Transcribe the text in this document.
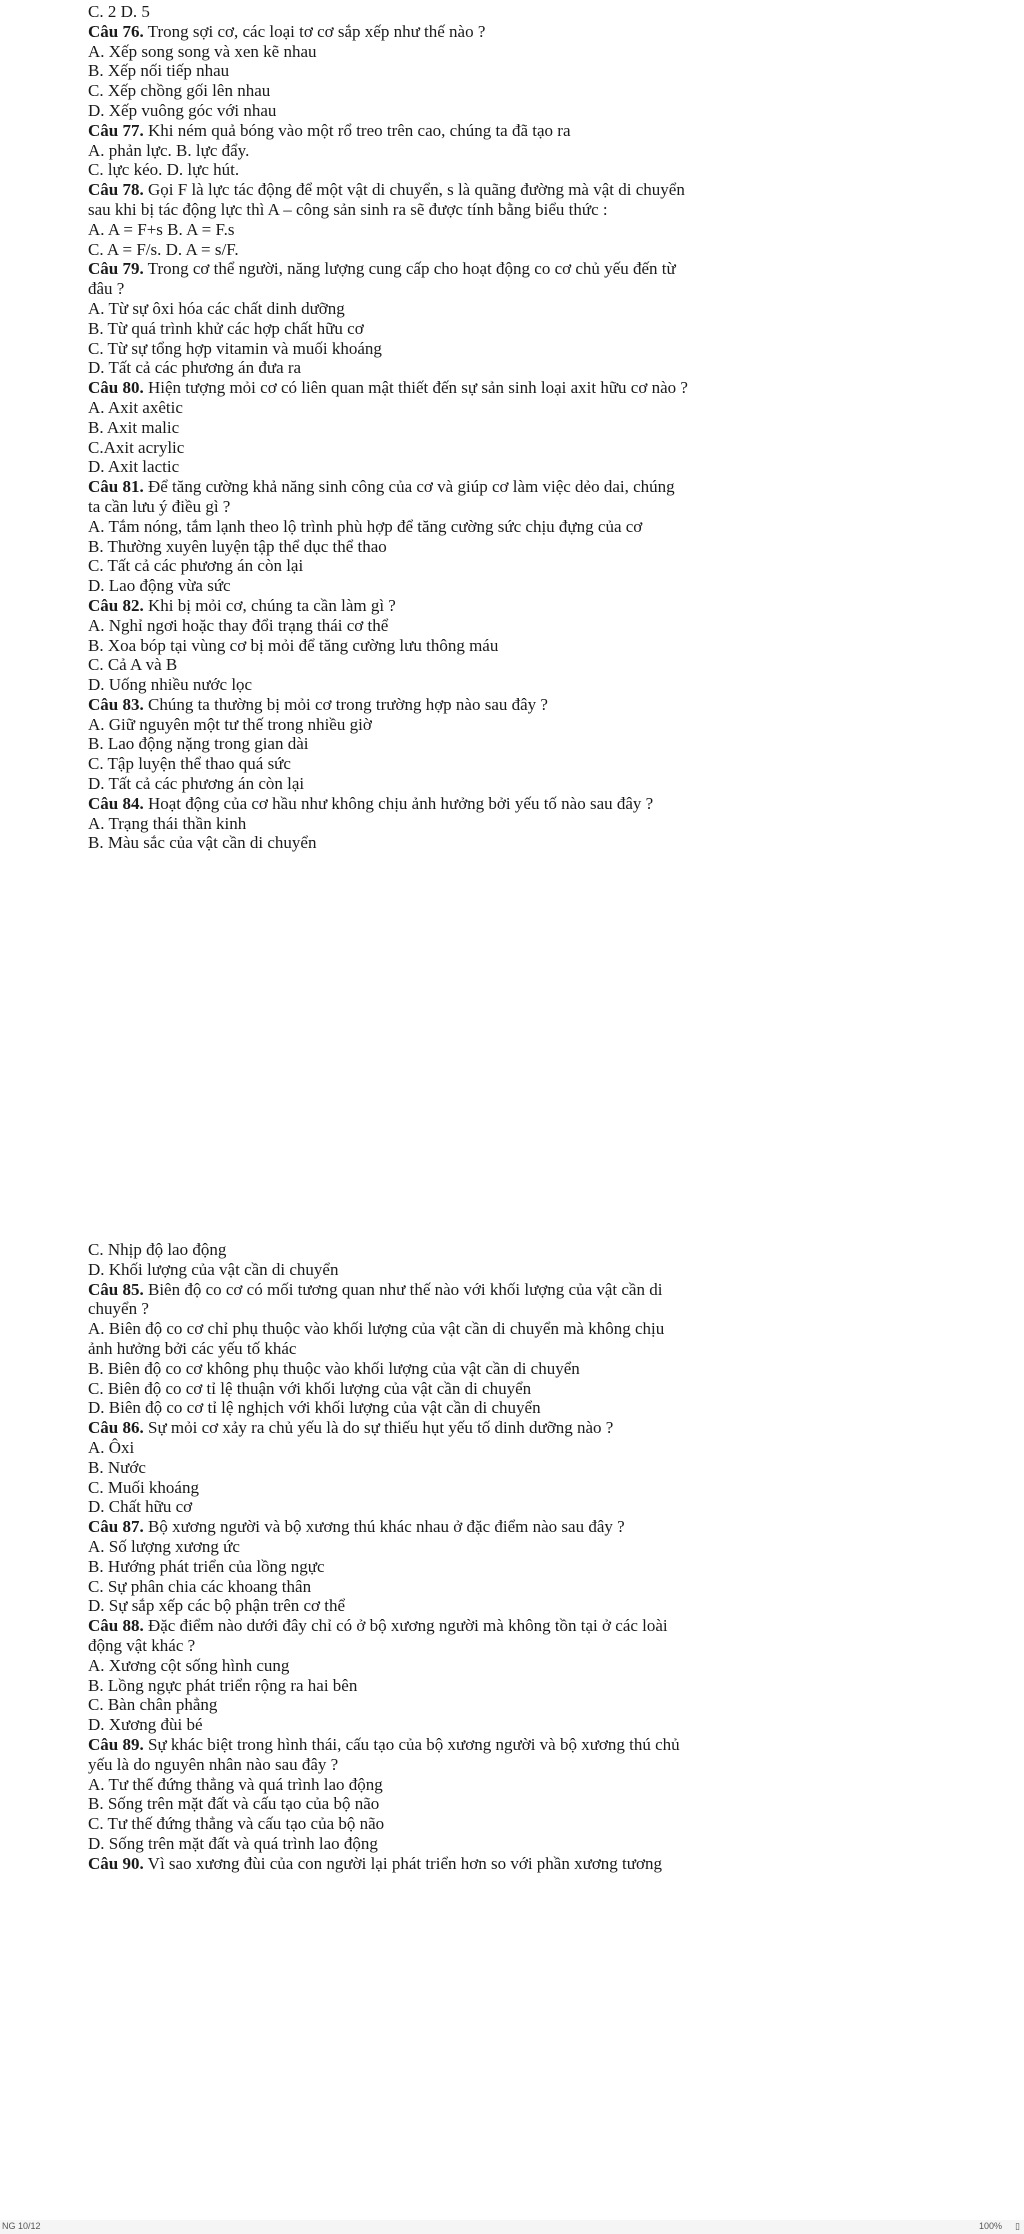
C. 2 D. 5
Câu 76. Trong sợi cơ, các loại tơ cơ sắp xếp như thế nào ?
A. Xếp song song và xen kẽ nhau
B. Xếp nối tiếp nhau
C. Xếp chồng gối lên nhau
D. Xếp vuông góc với nhau
Câu 77. Khi ném quả bóng vào một rổ treo trên cao, chúng ta đã tạo ra
A. phản lực. B. lực đẩy.
C. lực kéo. D. lực hút.
Câu 78. Gọi F là lực tác động để một vật di chuyển, s là quãng đường mà vật di chuyển
sau khi bị tác động lực thì A – công sản sinh ra sẽ được tính bằng biểu thức :
A. A = F+s B. A = F.s
C. A = F/s. D. A = s/F.
Câu 79. Trong cơ thể người, năng lượng cung cấp cho hoạt động co cơ chủ yếu đến từ
đâu ?
A. Từ sự ôxi hóa các chất dinh dưỡng
B. Từ quá trình khử các hợp chất hữu cơ
C. Từ sự tổng hợp vitamin và muối khoáng
D. Tất cả các phương án đưa ra
Câu 80. Hiện tượng mỏi cơ có liên quan mật thiết đến sự sản sinh loại axit hữu cơ nào ?
A. Axit axêtic
B. Axit malic
C.Axit acrylic
D. Axit lactic
Câu 81. Để tăng cường khả năng sinh công của cơ và giúp cơ làm việc dẻo dai, chúng
ta cần lưu ý điều gì ?
A. Tắm nóng, tắm lạnh theo lộ trình phù hợp để tăng cường sức chịu đựng của cơ
B. Thường xuyên luyện tập thể dục thể thao
C. Tất cả các phương án còn lại
D. Lao động vừa sức
Câu 82. Khi bị mỏi cơ, chúng ta cần làm gì ?
A. Nghỉ ngơi hoặc thay đổi trạng thái cơ thể
B. Xoa bóp tại vùng cơ bị mỏi để tăng cường lưu thông máu
C. Cả A và B
D. Uống nhiều nước lọc
Câu 83. Chúng ta thường bị mỏi cơ trong trường hợp nào sau đây ?
A. Giữ nguyên một tư thế trong nhiều giờ
B. Lao động nặng trong gian dài
C. Tập luyện thể thao quá sức
D. Tất cả các phương án còn lại
Câu 84. Hoạt động của cơ hầu như không chịu ảnh hưởng bởi yếu tố nào sau đây ?
A. Trạng thái thần kinh
B. Màu sắc của vật cần di chuyển
C. Nhịp độ lao động
D. Khối lượng của vật cần di chuyển
Câu 85. Biên độ co cơ có mối tương quan như thế nào với khối lượng của vật cần di
chuyển ?
A. Biên độ co cơ chỉ phụ thuộc vào khối lượng của vật cần di chuyển mà không chịu
ảnh hưởng bởi các yếu tố khác
B. Biên độ co cơ không phụ thuộc vào khối lượng của vật cần di chuyển
C. Biên độ co cơ tỉ lệ thuận với khối lượng của vật cần di chuyển
D. Biên độ co cơ tỉ lệ nghịch với khối lượng của vật cần di chuyển
Câu 86. Sự mỏi cơ xảy ra chủ yếu là do sự thiếu hụt yếu tố dinh dưỡng nào ?
A. Ôxi
B. Nước
C. Muối khoáng
D. Chất hữu cơ
Câu 87. Bộ xương người và bộ xương thú khác nhau ở đặc điểm nào sau đây ?
A. Số lượng xương ức
B. Hướng phát triển của lồng ngực
C. Sự phân chia các khoang thân
D. Sự sắp xếp các bộ phận trên cơ thể
Câu 88. Đặc điểm nào dưới đây chỉ có ở bộ xương người mà không tồn tại ở các loài
động vật khác ?
A. Xương cột sống hình cung
B. Lồng ngực phát triển rộng ra hai bên
C. Bàn chân phẳng
D. Xương đùi bé
Câu 89. Sự khác biệt trong hình thái, cấu tạo của bộ xương người và bộ xương thú chủ
yếu là do nguyên nhân nào sau đây ?
A. Tư thế đứng thẳng và quá trình lao động
B. Sống trên mặt đất và cấu tạo của bộ não
C. Tư thế đứng thẳng và cấu tạo của bộ não
D. Sống trên mặt đất và quá trình lao động
Câu 90. Vì sao xương đùi của con người lại phát triển hơn so với phần xương tương
NG 10/12	100% ▯
